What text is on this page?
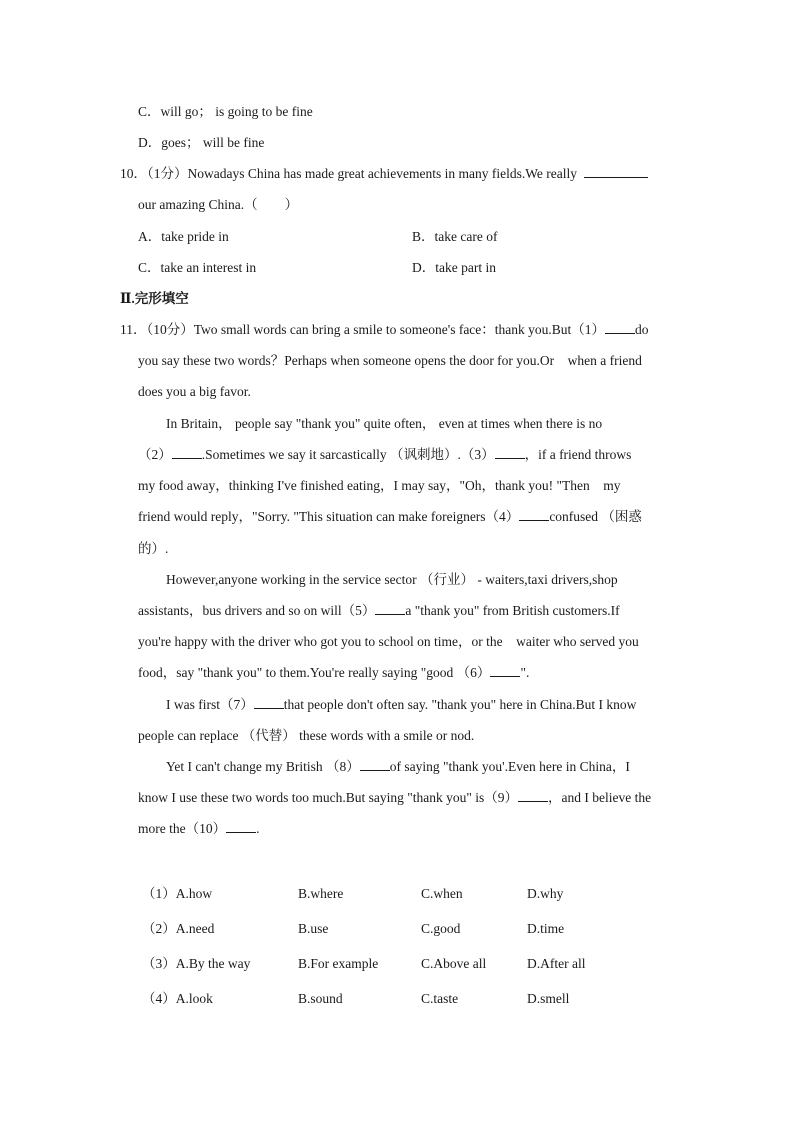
C．will go； is going to be fine
D．goes； will be fine
10．（1分）Nowadays China has made great achievements in many fields.We really
our amazing China.（　　）
A．take pride in	B．take care of
C．take an interest in	D．take part in
Ⅱ.完形填空
11．（10分）Two small words can bring a smile to someone's face：thank you.But（1） do
you say these two words？Perhaps when someone opens the door for you.Or　when a friend
does you a big favor.
In Britain， people say "thank you" quite often， even at times when there is no
（2） .Sometimes we say it sarcastically （讽刺地）.（3） ，if a friend throws
my food away，thinking I've finished eating，I may say，"Oh，thank you! "Then　my
friend would reply，"Sorry. "This situation can make foreigners（4） confused （困惑
的）.
However,anyone working in the service sector （行业） - waiters,taxi drivers,shop
assistants，bus drivers and so on will（5） a "thank you" from British customers.If
you're happy with the driver who got you to school on time，or the　waiter who served you
food，say "thank you" to them.You're really saying "good （6） ".
I was first（7） that people don't often say. "thank you" here in China.But I know
people can replace （代替） these words with a smile or nod.
Yet I can't change my British （8） of saying "thank you'.Even here in China，I
know I use these two words too much.But saying "thank you" is（9） ，and I believe the
more the（10） .
（1）A.how	B.where	C.when	D.why
（2）A.need	B.use	C.good	D.time
（3）A.By the way	B.For example	C.Above all	D.After all
（4）A.look	B.sound	C.taste	D.smell
